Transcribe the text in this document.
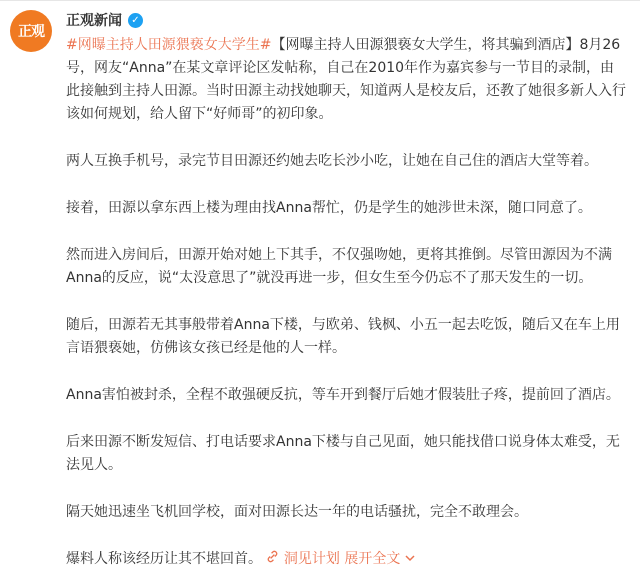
正观
正观新闻 ✓

#网曝主持人田源猥亵女大学生#【网曝主持人田源猥亵女大学生，将其骗到酒店】8月26号，网友“Anna”在某文章评论区发帖称，自己在2010年作为嘉宾参与一节目的录制，由此接触到主持人田源。当时田源主动找她聊天，知道两人是校友后，还教了她很多新人入行该如何规划，给人留下“好师哥”的初印象。

两人互换手机号，录完节目田源还约她去吃长沙小吃，让她在自己住的酒店大堂等着。

接着，田源以拿东西上楼为理由找Anna帮忙，仍是学生的她涉世未深，随口同意了。

然而进入房间后，田源开始对她上下其手，不仅强吻她，更将其推倒。尽管田源因为不满Anna的反应，说“太没意思了”就没再进一步，但女生至今仍忘不了那天发生的一切。

随后，田源若无其事般带着Anna下楼，与欧弟、钱枫、小五一起去吃饭，随后又在车上用言语猥亵她，仿佛该女孩已经是他的人一样。

Anna害怕被封杀，全程不敢强硬反抗，等车开到餐厅后她才假装肚子疼，提前回了酒店。

后来田源不断发短信、打电话要求Anna下楼与自己见面，她只能找借口说身体太难受，无法见人。

隔天她迅速坐飞机回学校，面对田源长达一年的电话骚扰，完全不敢理会。

爆料人称该经历让其不堪回首。 洞见计划 展开全文
